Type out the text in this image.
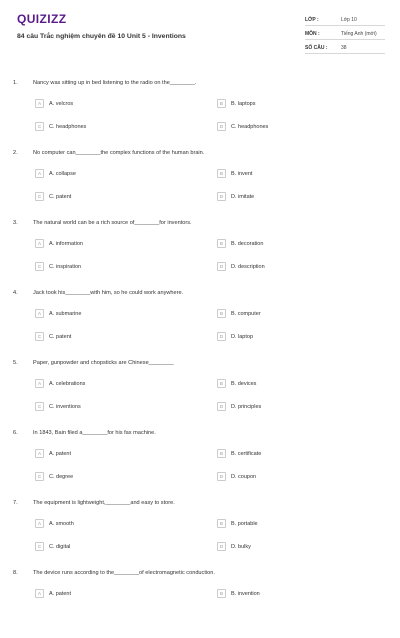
QUIZIZZ
84 câu Trắc nghiệm chuyên đề 10 Unit 5 - Inventions
LỚP :	Lớp 10
MÔN :	Tiếng Anh (mới)
SỐ CÂU :	38
1.	Nancy was sitting up in bed listening to the radio on the________.
A	A. velcros	B	B. laptops
C	C. headphones	D	C. headphones
2.	No computer can________the complex functions of the human brain.
A	A. collapse	B	B. invent
C	C. patent	D	D. imitate
3.	The natural world can be a rich source of________for inventors.
A	A. information	B	B. decoration
C	C. inspiration	D	D. description
4.	Jack took his________with him, so he could work anywhere.
A	A. submarine	B	B. computer
C	C. patent	D	D. laptop
5.	Paper, gunpowder and chopsticks are Chinese________
A	A. celebrations	B	B. devices
C	C. inventions	D	D. principles
6.	In 1843, Bain filed a________for his fax machine.
A	A. patent	B	B. certificate
C	C. degree	D	D. coupon
7.	The equipment is lightweight,________and easy to store.
A	A. smooth	B	B. portable
C	C. digital	D	D. bulky
8.	The device runs according to the________of electromagnetic conduction.
A	A. patent	B	B. invention
